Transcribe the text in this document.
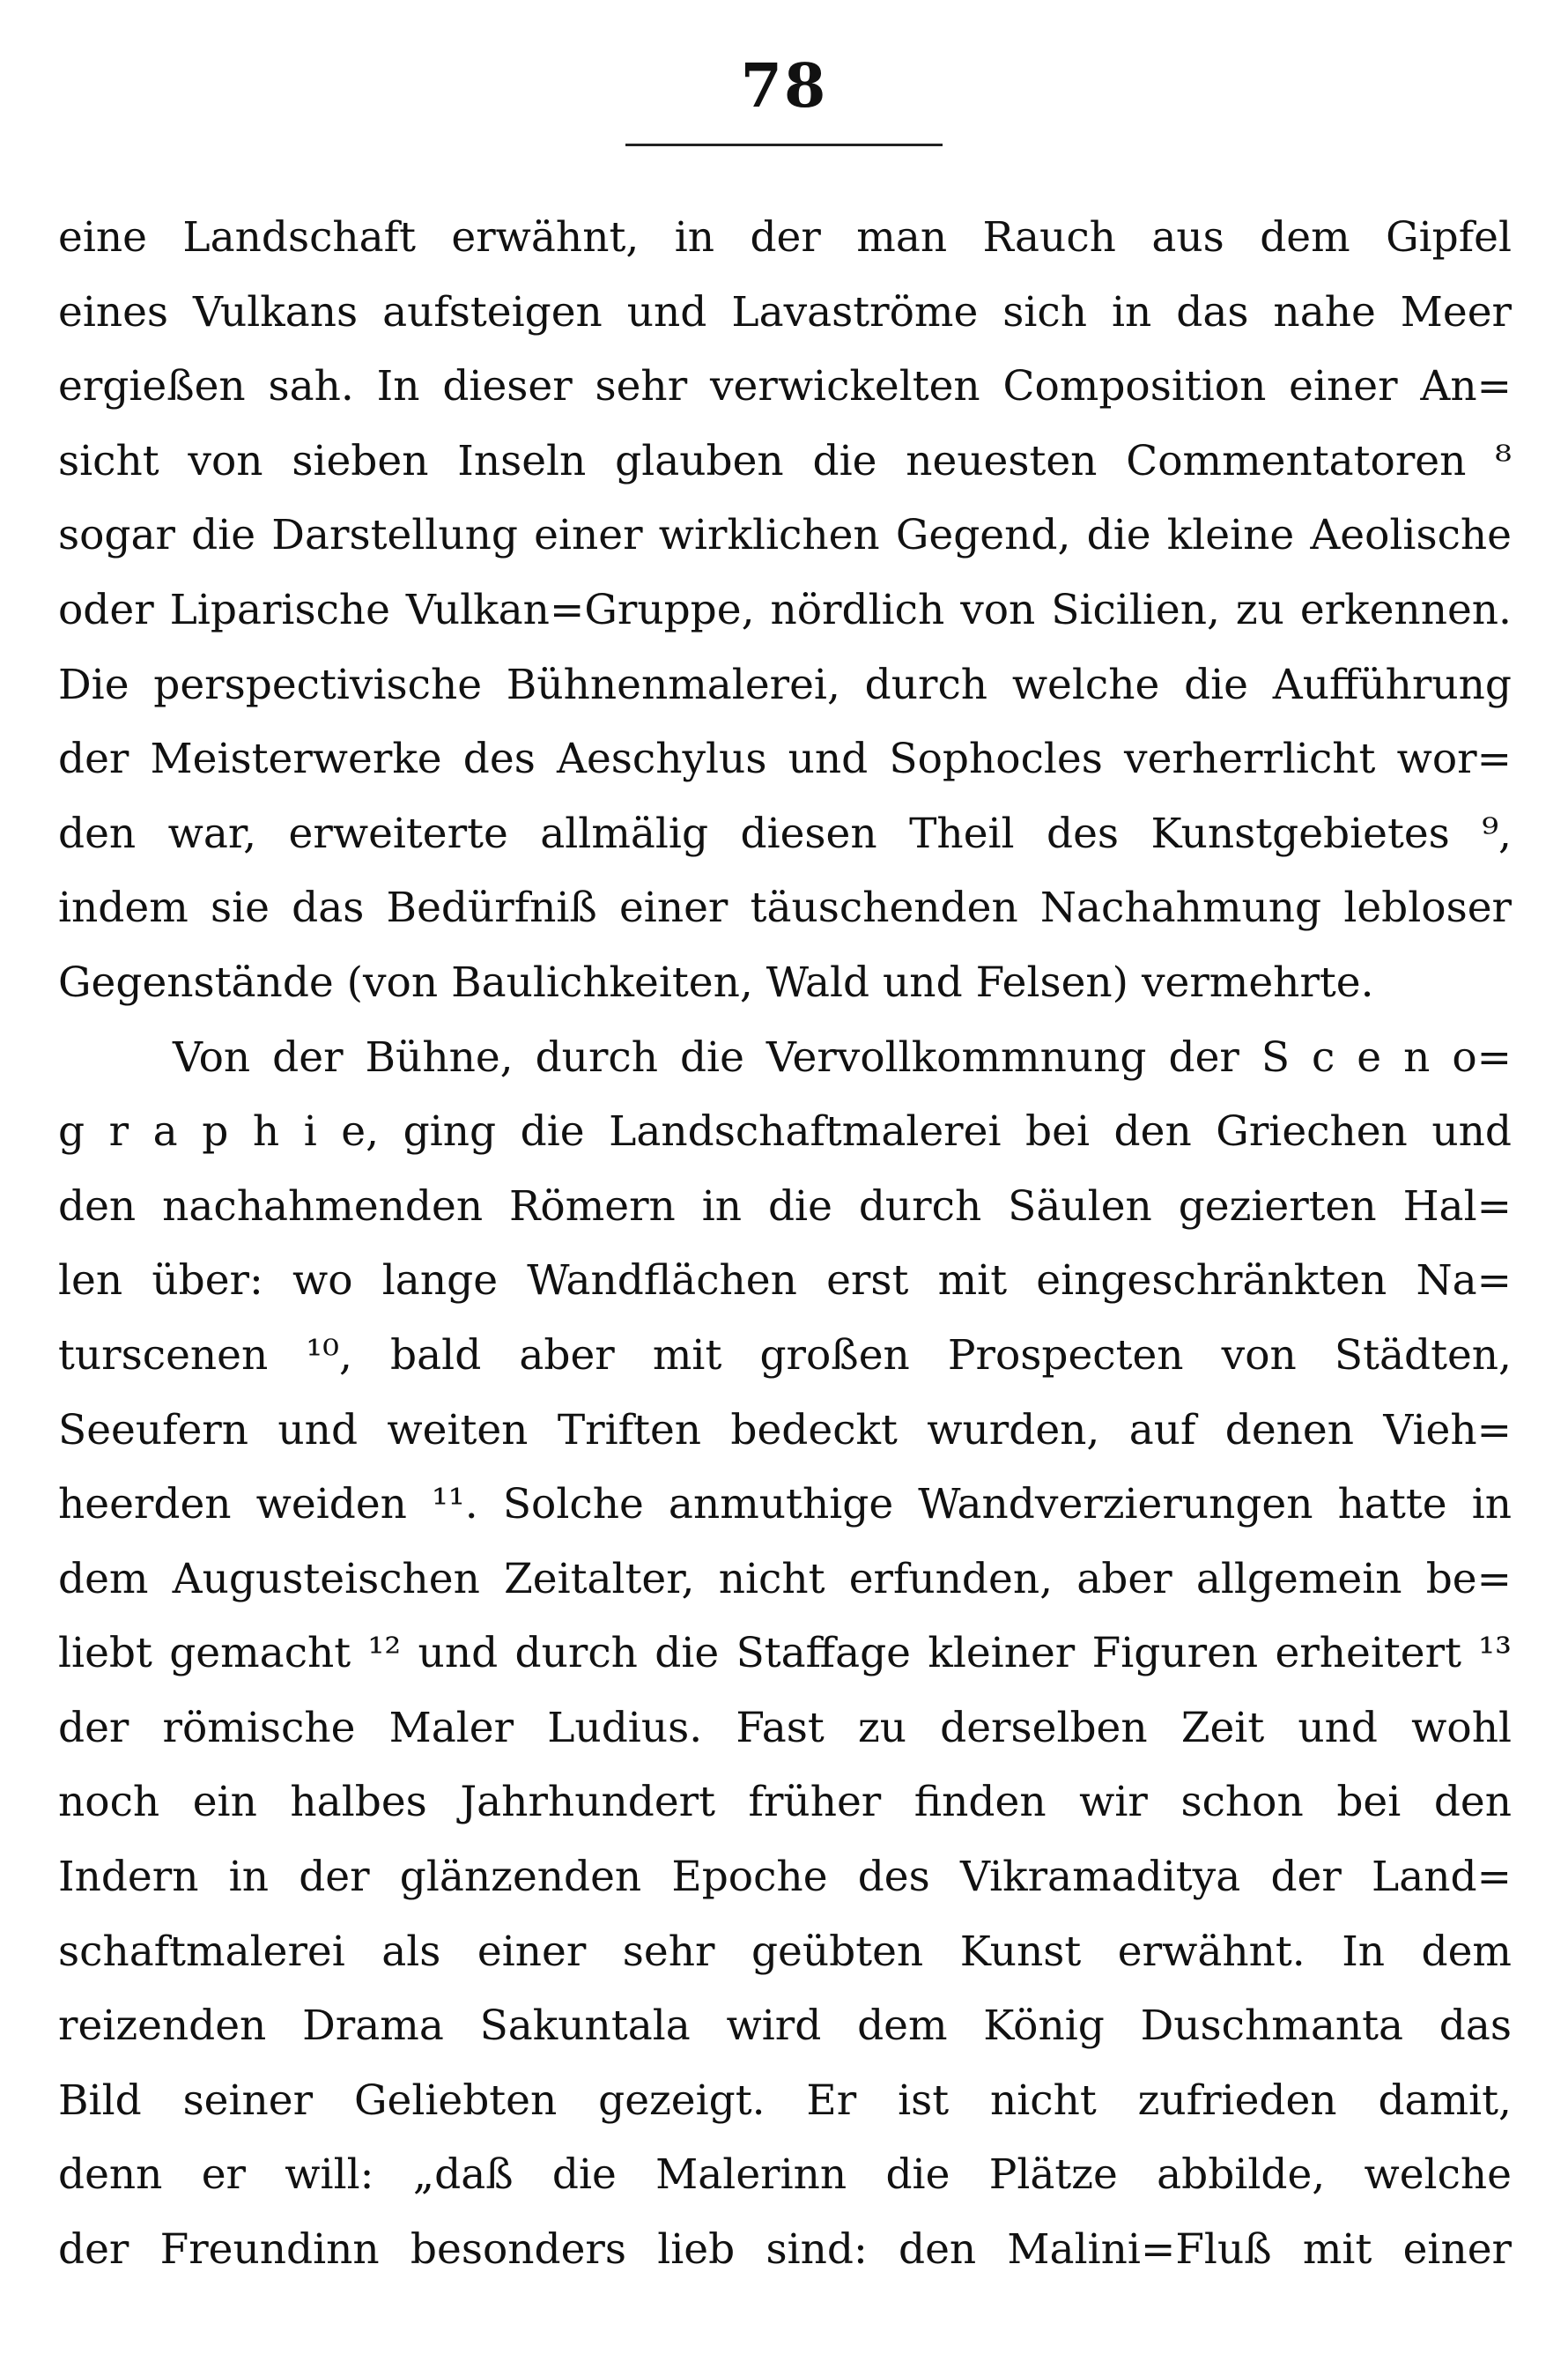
78
eine Landschaft erwähnt, in der man Rauch aus dem Gipfel
eines Vulkans aufsteigen und Lavaströme sich in das nahe Meer
ergießen sah. In dieser sehr verwickelten Composition einer An=
sicht von sieben Inseln glauben die neuesten Commentatoren ⁸
sogar die Darstellung einer wirklichen Gegend, die kleine Aeolische
oder Liparische Vulkan=Gruppe, nördlich von Sicilien, zu erkennen.
Die perspectivische Bühnenmalerei, durch welche die Aufführung
der Meisterwerke des Aeschylus und Sophocles verherrlicht wor=
den war, erweiterte allmälig diesen Theil des Kunstgebietes ⁹,
indem sie das Bedürfniß einer täuschenden Nachahmung lebloser
Gegenstände (von Baulichkeiten, Wald und Felsen) vermehrte.
Von der Bühne, durch die Vervollkommnung der S c e n o=
g r a p h i e, ging die Landschaftmalerei bei den Griechen und
den nachahmenden Römern in die durch Säulen gezierten Hal=
len über: wo lange Wandflächen erst mit eingeschränkten Na=
turscenen ¹⁰, bald aber mit großen Prospecten von Städten,
Seeufern und weiten Triften bedeckt wurden, auf denen Vieh=
heerden weiden ¹¹. Solche anmuthige Wandverzierungen hatte in
dem Augusteischen Zeitalter, nicht erfunden, aber allgemein be=
liebt gemacht ¹² und durch die Staffage kleiner Figuren erheitert ¹³
der römische Maler Ludius. Fast zu derselben Zeit und wohl
noch ein halbes Jahrhundert früher finden wir schon bei den
Indern in der glänzenden Epoche des Vikramaditya der Land=
schaftmalerei als einer sehr geübten Kunst erwähnt. In dem
reizenden Drama Sakuntala wird dem König Duschmanta das
Bild seiner Geliebten gezeigt. Er ist nicht zufrieden damit,
denn er will: „daß die Malerinn die Plätze abbilde, welche
der Freundinn besonders lieb sind: den Malini=Fluß mit einer
